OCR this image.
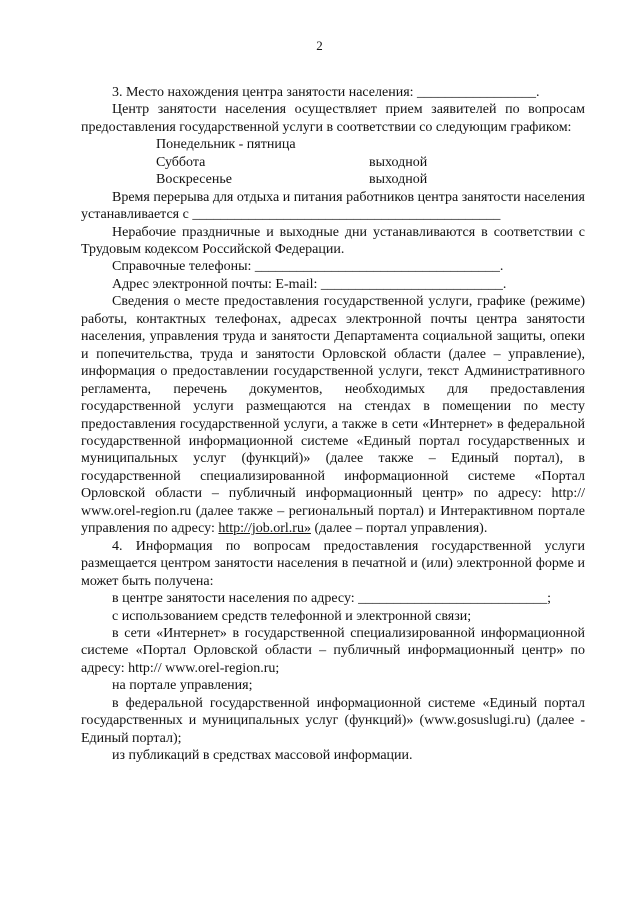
2

3. Место нахождения центра занятости населения: _________________.

Центр занятости населения осуществляет прием заявителей по вопросам предоставления государственной услуги в соответствии со следующим графиком:

Понедельник - пятница
Суббота	выходной
Воскресенье	выходной

Время перерыва для отдыха и питания работников центра занятости населения устанавливается с ____________________________________________

Нерабочие праздничные и выходные дни устанавливаются в соответствии с Трудовым кодексом Российской Федерации.

Справочные телефоны: ___________________________________.

Адрес электронной почты: E-mail: __________________________.

Сведения о месте предоставления государственной услуги, графике (режиме) работы, контактных телефонах, адресах электронной почты центра занятости населения, управления труда и занятости Департамента социальной защиты, опеки и попечительства, труда и занятости Орловской области (далее – управление), информация о предоставлении государственной услуги, текст Административного регламента, перечень документов, необходимых для предоставления государственной услуги размещаются на стендах в помещении по месту предоставления государственной услуги, а также в сети «Интернет» в федеральной государственной информационной системе «Единый портал государственных и муниципальных услуг (функций)» (далее также – Единый портал), в государственной специализированной информационной системе «Портал Орловской области – публичный информационный центр» по адресу: http:// www.orel-region.ru (далее также – региональный портал) и Интерактивном портале управления по адресу: http://job.orl.ru» (далее – портал управления).

4. Информация по вопросам предоставления государственной услуги размещается центром занятости населения в печатной и (или) электронной форме и может быть получена:

в центре занятости населения по адресу: ___________________________;

с использованием средств телефонной и электронной связи;

в сети «Интернет» в государственной специализированной информационной системе «Портал Орловской области – публичный информационный центр» по адресу: http:// www.orel-region.ru;

на портале управления;

в федеральной государственной информационной системе «Единый портал государственных и муниципальных услуг (функций)» (www.gosuslugi.ru) (далее - Единый портал);

из публикаций в средствах массовой информации.
